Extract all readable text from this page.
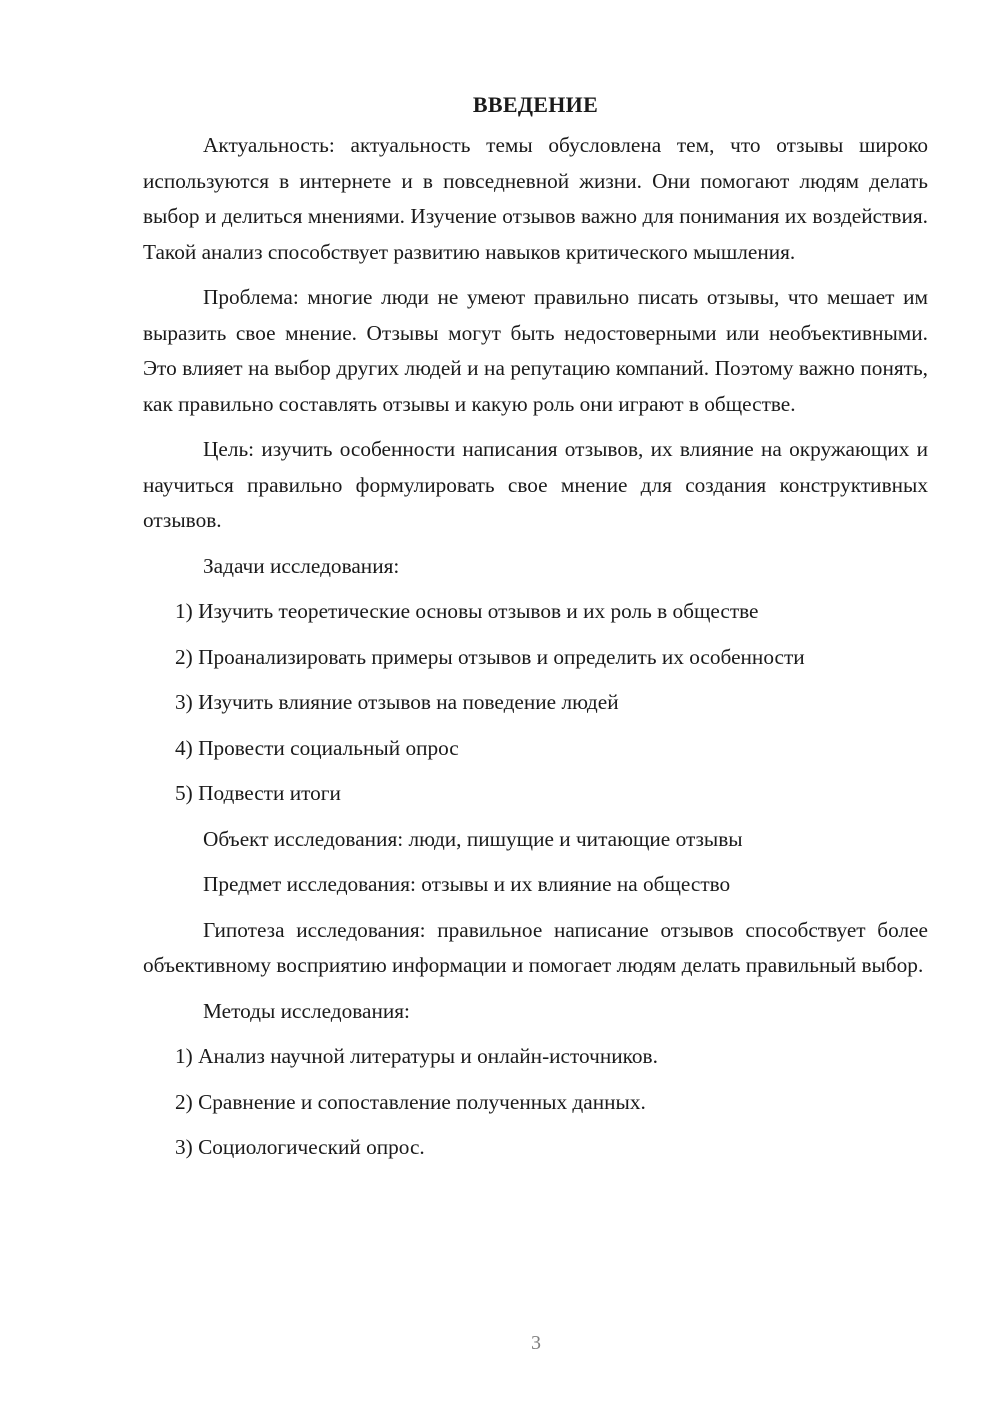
ВВЕДЕНИЕ

Актуальность: актуальность темы обусловлена тем, что отзывы широко используются в интернете и в повседневной жизни. Они помогают людям делать выбор и делиться мнениями. Изучение отзывов важно для понимания их воздействия. Такой анализ способствует развитию навыков критического мышления.

Проблема: многие люди не умеют правильно писать отзывы, что мешает им выразить свое мнение. Отзывы могут быть недостоверными или необъективными. Это влияет на выбор других людей и на репутацию компаний. Поэтому важно понять, как правильно составлять отзывы и какую роль они играют в обществе.

Цель: изучить особенности написания отзывов, их влияние на окружающих и научиться правильно формулировать свое мнение для создания конструктивных отзывов.

Задачи исследования:
1) Изучить теоретические основы отзывов и их роль в обществе
2) Проанализировать примеры отзывов и определить их особенности
3) Изучить влияние отзывов на поведение людей
4) Провести социальный опрос
5) Подвести итоги
Объект исследования: люди, пишущие и читающие отзывы
Предмет исследования: отзывы и их влияние на общество

Гипотеза исследования: правильное написание отзывов способствует более объективному восприятию информации и помогает людям делать правильный выбор.

Методы исследования:
1) Анализ научной литературы и онлайн-источников.
2) Сравнение и сопоставление полученных данных.
3) Социологический опрос.
3
